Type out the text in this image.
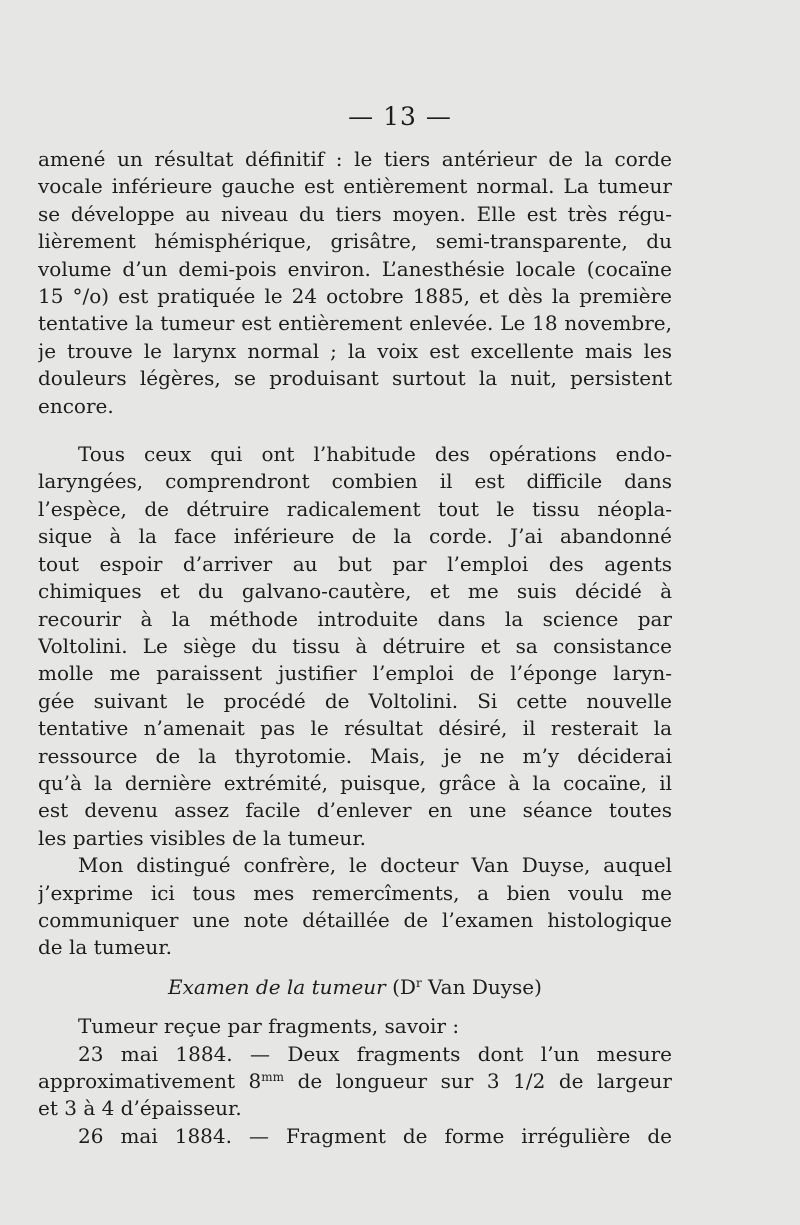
— 13 —
amené un résultat définitif : le tiers antérieur de la corde
vocale inférieure gauche est entièrement normal. La tumeur
se développe au niveau du tiers moyen. Elle est très régu-
lièrement hémisphérique, grisâtre, semi-transparente, du
volume d’un demi-pois environ. L’anesthésie locale (cocaïne
15 °/o) est pratiquée le 24 octobre 1885, et dès la première
tentative la tumeur est entièrement enlevée. Le 18 novembre,
je trouve le larynx normal ; la voix est excellente mais les
douleurs légères, se produisant surtout la nuit, persistent
encore.
Tous ceux qui ont l’habitude des opérations endo-
laryngées, comprendront combien il est difficile dans
l’espèce, de détruire radicalement tout le tissu néopla-
sique à la face inférieure de la corde. J’ai abandonné
tout espoir d’arriver au but par l’emploi des agents
chimiques et du galvano-cautère, et me suis décidé à
recourir à la méthode introduite dans la science par
Voltolini. Le siège du tissu à détruire et sa consistance
molle me paraissent justifier l’emploi de l’éponge laryn-
gée suivant le procédé de Voltolini. Si cette nouvelle
tentative n’amenait pas le résultat désiré, il resterait la
ressource de la thyrotomie. Mais, je ne m’y déciderai
qu’à la dernière extrémité, puisque, grâce à la cocaïne, il
est devenu assez facile d’enlever en une séance toutes
les parties visibles de la tumeur.
Mon distingué confrère, le docteur Van Duyse, auquel
j’exprime ici tous mes remercîments, a bien voulu me
communiquer une note détaillée de l’examen histologique
de la tumeur.
Examen de la tumeur ($D^r$ Van Duyse)
Tumeur reçue par fragments, savoir :
23 mai 1884. — Deux fragments dont l’un mesure
approximativement $8^{mm}$ de longueur sur 3 1/2 de largeur
et 3 à 4 d’épaisseur.
26 mai 1884. — Fragment de forme irrégulière de
